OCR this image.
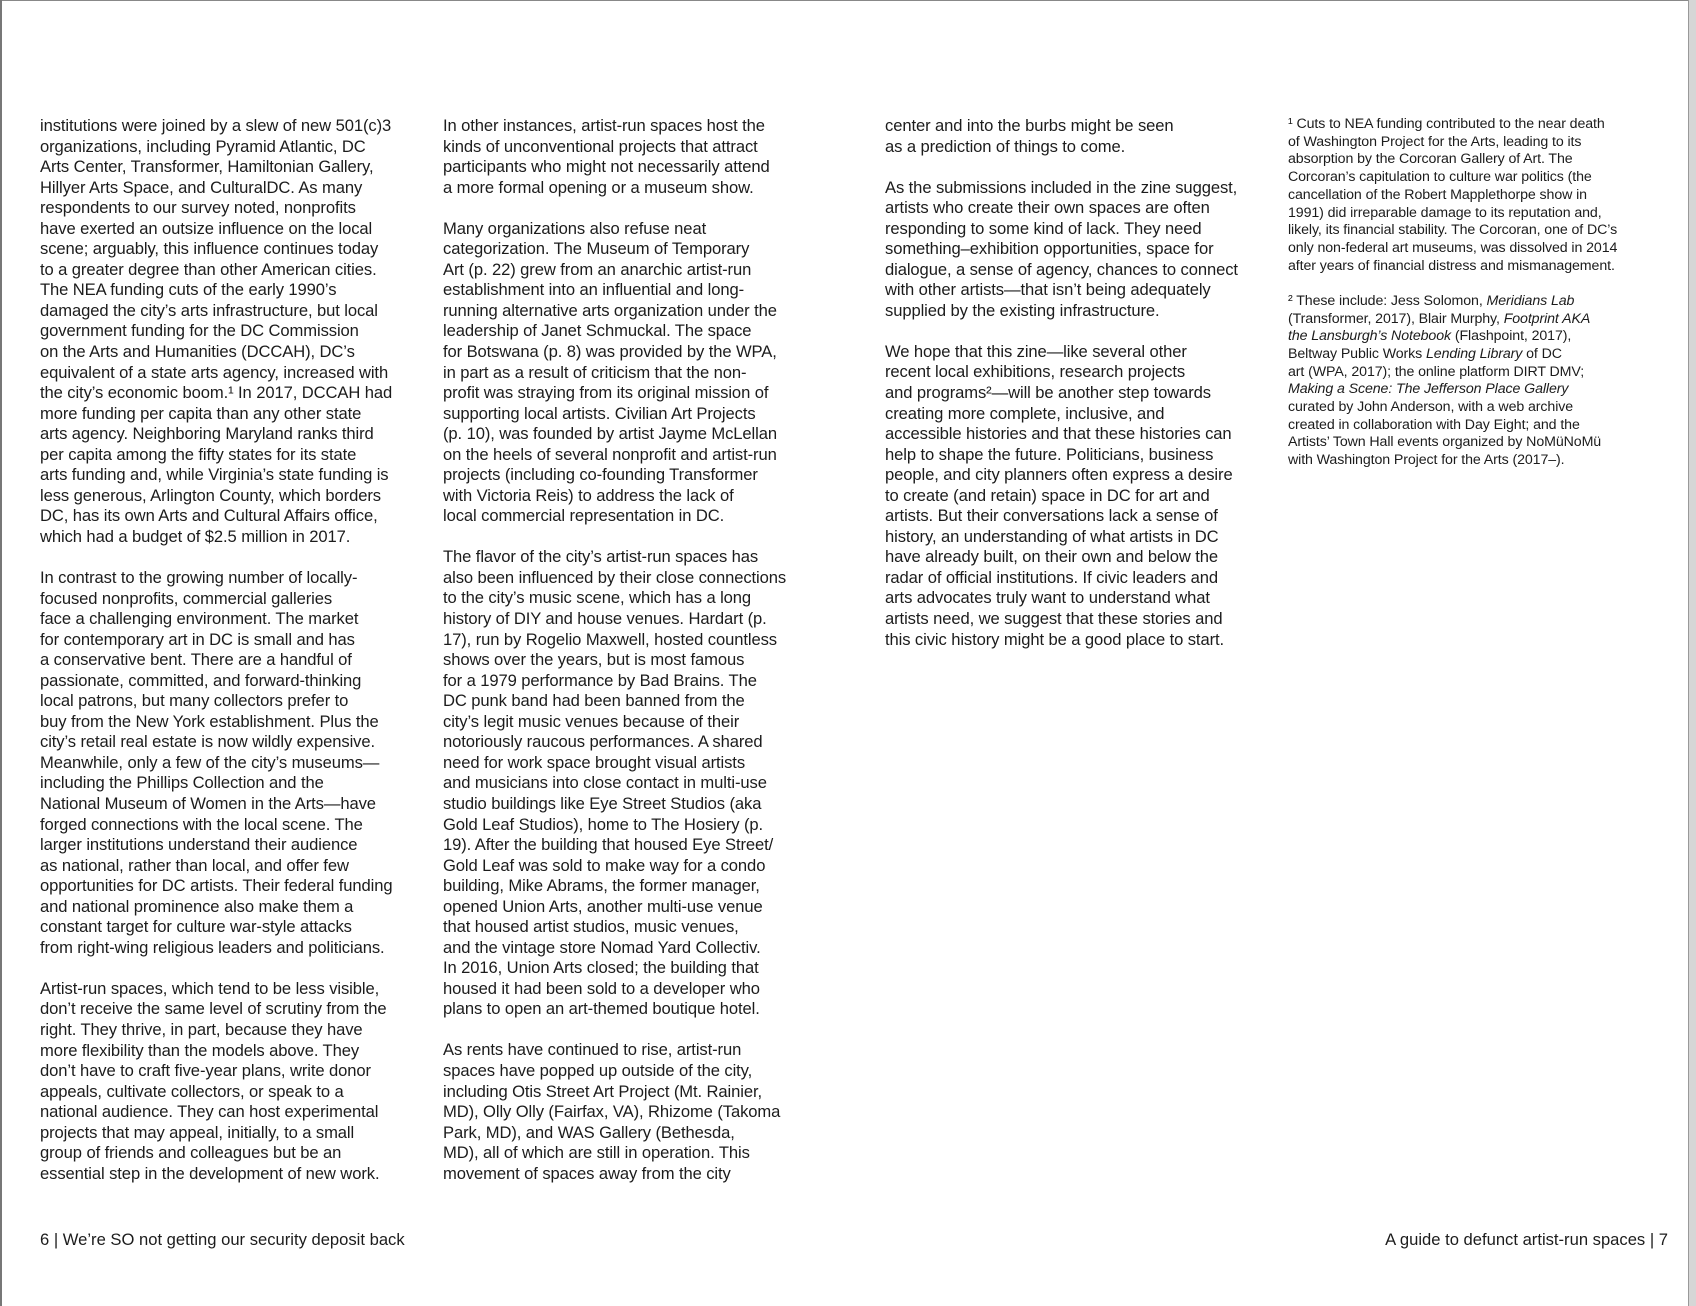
institutions were joined by a slew of new 501(c)3
organizations, including Pyramid Atlantic, DC
Arts Center, Transformer, Hamiltonian Gallery,
Hillyer Arts Space, and CulturalDC. As many
respondents to our survey noted, nonprofits
have exerted an outsize influence on the local
scene; arguably, this influence continues today
to a greater degree than other American cities.
The NEA funding cuts of the early 1990’s
damaged the city’s arts infrastructure, but local
government funding for the DC Commission
on the Arts and Humanities (DCCAH), DC’s
equivalent of a state arts agency, increased with
the city’s economic boom.¹ In 2017, DCCAH had
more funding per capita than any other state
arts agency. Neighboring Maryland ranks third
per capita among the fifty states for its state
arts funding and, while Virginia’s state funding is
less generous, Arlington County, which borders
DC, has its own Arts and Cultural Affairs office,
which had a budget of $2.5 million in 2017.

In contrast to the growing number of locally-
focused nonprofits, commercial galleries
face a challenging environment. The market
for contemporary art in DC is small and has
a conservative bent. There are a handful of
passionate, committed, and forward-thinking
local patrons, but many collectors prefer to
buy from the New York establishment. Plus the
city’s retail real estate is now wildly expensive.
Meanwhile, only a few of the city’s museums—
including the Phillips Collection and the
National Museum of Women in the Arts—have
forged connections with the local scene. The
larger institutions understand their audience
as national, rather than local, and offer few
opportunities for DC artists. Their federal funding
and national prominence also make them a
constant target for culture war-style attacks
from right-wing religious leaders and politicians.

Artist-run spaces, which tend to be less visible,
don’t receive the same level of scrutiny from the
right. They thrive, in part, because they have
more flexibility than the models above. They
don’t have to craft five-year plans, write donor
appeals, cultivate collectors, or speak to a
national audience. They can host experimental
projects that may appeal, initially, to a small
group of friends and colleagues but be an
essential step in the development of new work.

In other instances, artist-run spaces host the
kinds of unconventional projects that attract
participants who might not necessarily attend
a more formal opening or a museum show.

Many organizations also refuse neat
categorization. The Museum of Temporary
Art (p. 22) grew from an anarchic artist-run
establishment into an influential and long-
running alternative arts organization under the
leadership of Janet Schmuckal. The space
for Botswana (p. 8) was provided by the WPA,
in part as a result of criticism that the non-
profit was straying from its original mission of
supporting local artists. Civilian Art Projects
(p. 10), was founded by artist Jayme McLellan
on the heels of several nonprofit and artist-run
projects (including co-founding Transformer
with Victoria Reis) to address the lack of
local commercial representation in DC.

The flavor of the city’s artist-run spaces has
also been influenced by their close connections
to the city’s music scene, which has a long
history of DIY and house venues. Hardart (p.
17), run by Rogelio Maxwell, hosted countless
shows over the years, but is most famous
for a 1979 performance by Bad Brains. The
DC punk band had been banned from the
city’s legit music venues because of their
notoriously raucous performances. A shared
need for work space brought visual artists
and musicians into close contact in multi-use
studio buildings like Eye Street Studios (aka
Gold Leaf Studios), home to The Hosiery (p.
19). After the building that housed Eye Street/
Gold Leaf was sold to make way for a condo
building, Mike Abrams, the former manager,
opened Union Arts, another multi-use venue
that housed artist studios, music venues,
and the vintage store Nomad Yard Collectiv.
In 2016, Union Arts closed; the building that
housed it had been sold to a developer who
plans to open an art-themed boutique hotel.

As rents have continued to rise, artist-run
spaces have popped up outside of the city,
including Otis Street Art Project (Mt. Rainier,
MD), Olly Olly (Fairfax, VA), Rhizome (Takoma
Park, MD), and WAS Gallery (Bethesda,
MD), all of which are still in operation. This
movement of spaces away from the city

center and into the burbs might be seen
as a prediction of things to come.

As the submissions included in the zine suggest,
artists who create their own spaces are often
responding to some kind of lack. They need
something–exhibition opportunities, space for
dialogue, a sense of agency, chances to connect
with other artists—that isn’t being adequately
supplied by the existing infrastructure.

We hope that this zine—like several other
recent local exhibitions, research projects
and programs²—will be another step towards
creating more complete, inclusive, and
accessible histories and that these histories can
help to shape the future. Politicians, business
people, and city planners often express a desire
to create (and retain) space in DC for art and
artists. But their conversations lack a sense of
history, an understanding of what artists in DC
have already built, on their own and below the
radar of official institutions. If civic leaders and
arts advocates truly want to understand what
artists need, we suggest that these stories and
this civic history might be a good place to start.

¹ Cuts to NEA funding contributed to the near death
of Washington Project for the Arts, leading to its
absorption by the Corcoran Gallery of Art. The
Corcoran’s capitulation to culture war politics (the
cancellation of the Robert Mapplethorpe show in
1991) did irreparable damage to its reputation and,
likely, its financial stability. The Corcoran, one of DC’s
only non-federal art museums, was dissolved in 2014
after years of financial distress and mismanagement.

² These include: Jess Solomon, Meridians Lab
(Transformer, 2017), Blair Murphy, Footprint AKA
the Lansburgh’s Notebook (Flashpoint, 2017),
Beltway Public Works Lending Library of DC
art (WPA, 2017); the online platform DIRT DMV;
Making a Scene: The Jefferson Place Gallery
curated by John Anderson, with a web archive
created in collaboration with Day Eight; and the
Artists’ Town Hall events organized by NoMüNoMü
with Washington Project for the Arts (2017–).

6 | We’re SO not getting our security deposit back	A guide to defunct artist-run spaces | 7
